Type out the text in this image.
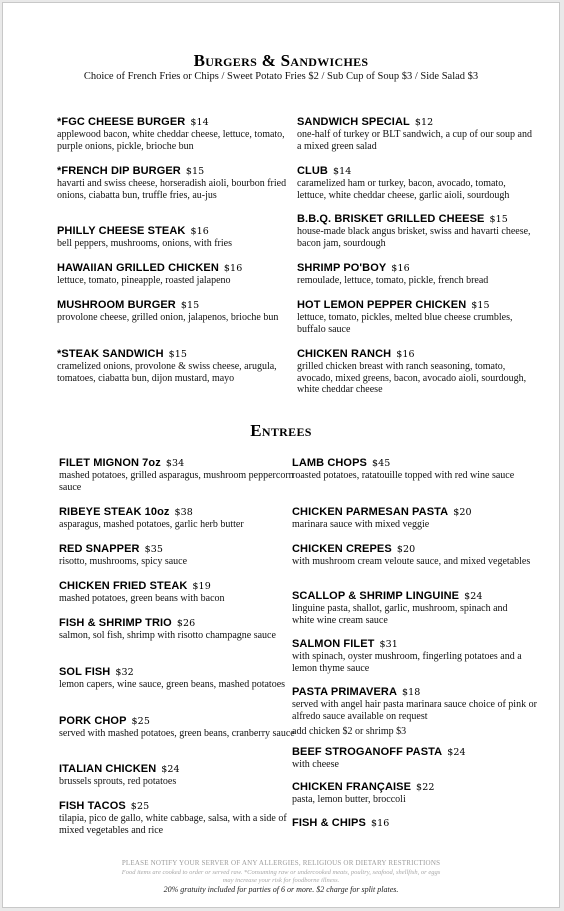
Burgers & Sandwiches
Choice of French Fries or Chips / Sweet Potato Fries $2 / Sub Cup of Soup $3 / Side Salad $3
*FGC CHEESE BURGER $14
applewood bacon, white cheddar cheese, lettuce, tomato, purple onions, pickle, brioche bun
*FRENCH DIP BURGER $15
havarti and swiss cheese, horseradish aioli, bourbon fried onions, ciabatta bun, truffle fries, au-jus
PHILLY CHEESE STEAK $16
bell peppers, mushrooms, onions, with fries
HAWAIIAN GRILLED CHICKEN $16
lettuce, tomato, pineapple, roasted jalapeno
MUSHROOM BURGER $15
provolone cheese, grilled onion, jalapenos, brioche bun
*STEAK SANDWICH $15
cramelized onions, provolone & swiss cheese, arugula, tomatoes, ciabatta bun, dijon mustard, mayo
SANDWICH SPECIAL $12
one-half of turkey or BLT sandwich, a cup of our soup and a mixed green salad
CLUB $14
caramelized ham or turkey, bacon, avocado, tomato, lettuce, white cheddar cheese, garlic aioli, sourdough
B.B.Q. BRISKET GRILLED CHEESE $15
house-made black angus brisket, swiss and havarti cheese, bacon jam, sourdough
SHRIMP PO'BOY $16
remoulade, lettuce, tomato, pickle, french bread
HOT LEMON PEPPER CHICKEN $15
lettuce, tomato, pickles, melted blue cheese crumbles, buffalo sauce
CHICKEN RANCH $16
grilled chicken breast with ranch seasoning, tomato, avocado, mixed greens, bacon, avocado aioli, sourdough, white cheddar cheese
Entrees
FILET MIGNON 7oz $34
mashed potatoes, grilled asparagus, mushroom peppercorn sauce
RIBEYE STEAK 10oz $38
asparagus, mashed potatoes, garlic herb butter
RED SNAPPER $35
risotto, mushrooms, spicy sauce
CHICKEN FRIED STEAK $19
mashed potatoes, green beans with bacon
FISH & SHRIMP TRIO $26
salmon, sol fish, shrimp with risotto champagne sauce
SOL FISH $32
lemon capers, wine sauce, green beans, mashed potatoes
PORK CHOP $25
served with mashed potatoes, green beans, cranberry sauce
ITALIAN CHICKEN $24
brussels sprouts, red potatoes
FISH TACOS $25
tilapia, pico de gallo, white cabbage, salsa, with a side of mixed vegetables and rice
LAMB CHOPS $45
roasted potatoes, ratatouille topped with red wine sauce
CHICKEN PARMESAN PASTA $20
marinara sauce with mixed veggie
CHICKEN CREPES $20
with mushroom cream veloute sauce, and mixed vegetables
SCALLOP & SHRIMP LINGUINE $24
linguine pasta, shallot, garlic, mushroom, spinach and white wine cream sauce
SALMON FILET $31
with spinach, oyster mushroom, fingerling potatoes and a lemon thyme sauce
PASTA PRIMAVERA $18
served with angel hair pasta marinara sauce choice of pink or alfredo sauce available on request
add chicken $2 or shrimp $3
BEEF STROGANOFF PASTA $24
with cheese
CHICKEN FRANÇAISE $22
pasta, lemon butter, broccoli
FISH & CHIPS $16
PLEASE NOTIFY YOUR SERVER OF ANY ALLERGIES, RELIGIOUS OR DIETARY RESTRICTIONS
Food items are cooked to order or served raw. *Consuming raw or undercooked meats, poultry, seafood, shellfish, or eggs
may increase your risk for foodborne illness.
20% gratuity included for parties of 6 or more. $2 charge for split plates.
